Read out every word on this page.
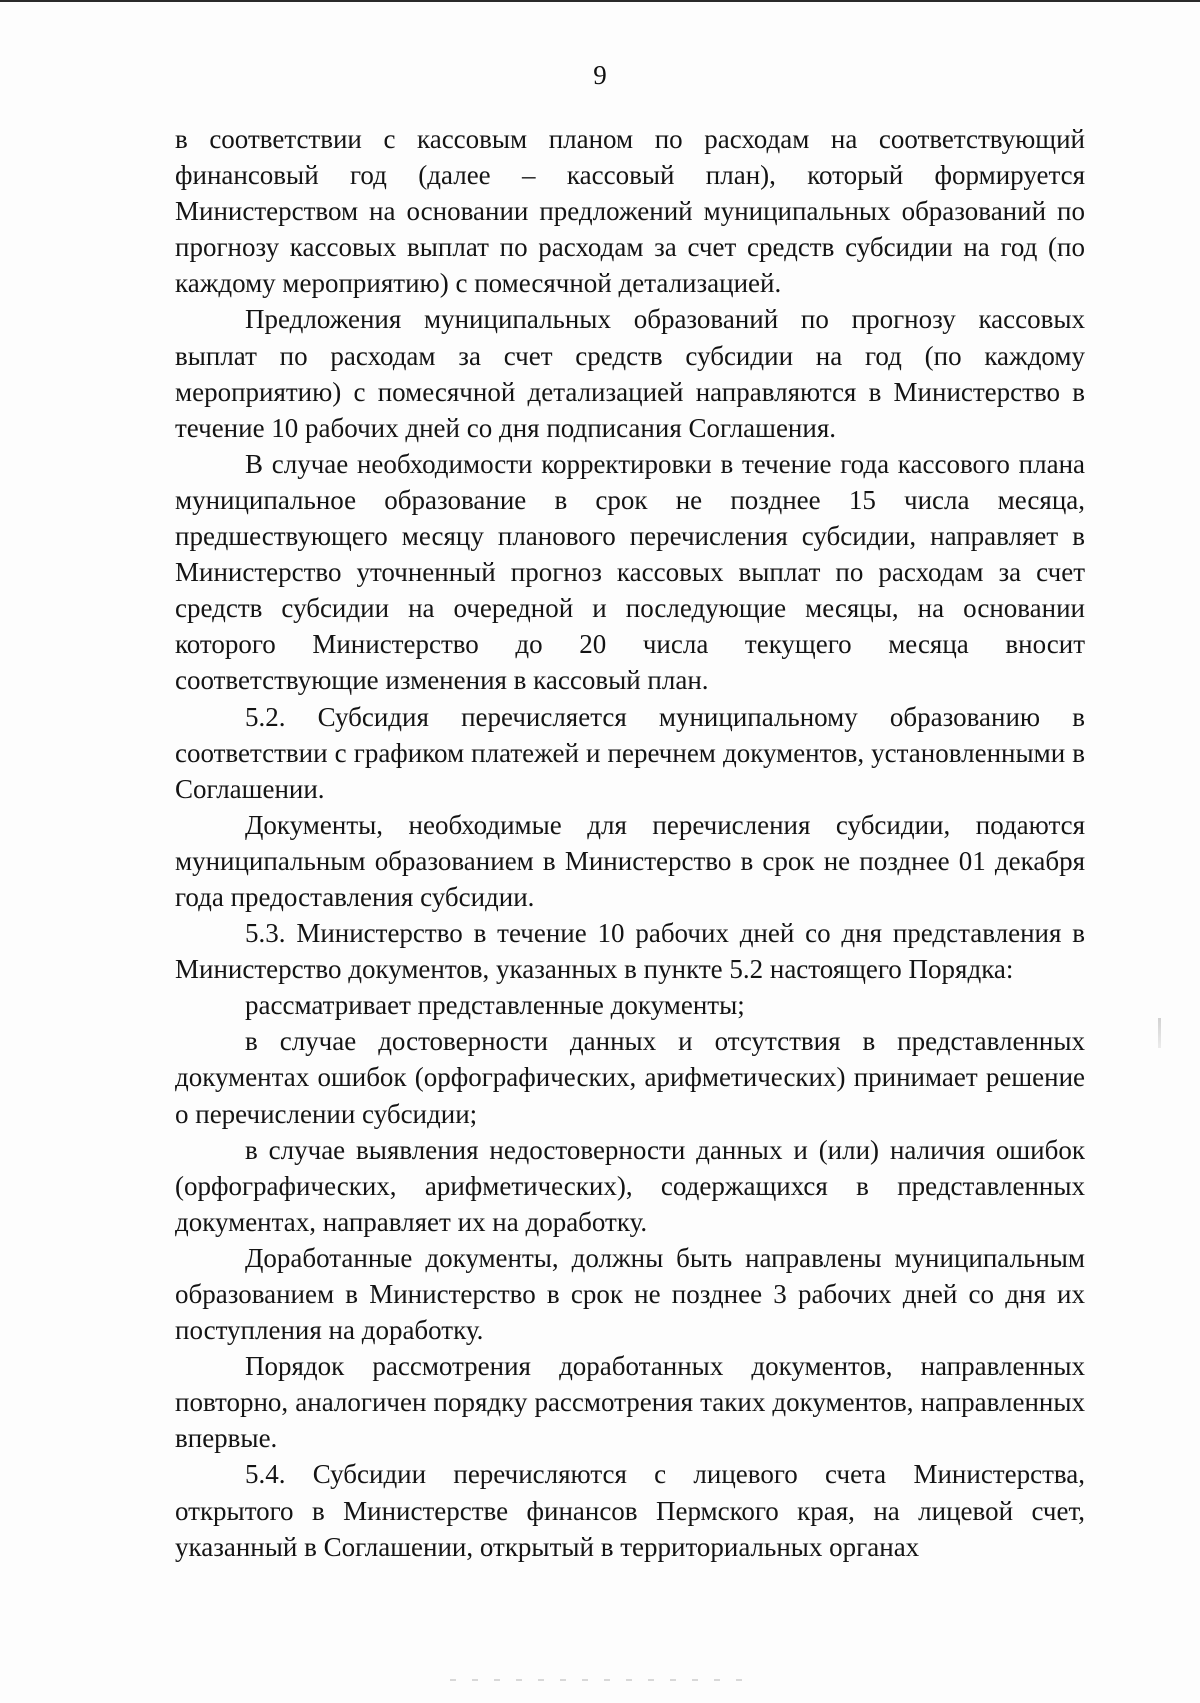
9

в соответствии с кассовым планом по расходам на соответствующий финансовый год (далее – кассовый план), который формируется Министерством на основании предложений муниципальных образований по прогнозу кассовых выплат по расходам за счет средств субсидии на год (по каждому мероприятию) с помесячной детализацией.

Предложения муниципальных образований по прогнозу кассовых выплат по расходам за счет средств субсидии на год (по каждому мероприятию) с помесячной детализацией направляются в Министерство в течение 10 рабочих дней со дня подписания Соглашения.

В случае необходимости корректировки в течение года кассового плана муниципальное образование в срок не позднее 15 числа месяца, предшествующего месяцу планового перечисления субсидии, направляет в Министерство уточненный прогноз кассовых выплат по расходам за счет средств субсидии на очередной и последующие месяцы, на основании которого Министерство до 20 числа текущего месяца вносит соответствующие изменения в кассовый план.

5.2. Субсидия перечисляется муниципальному образованию в соответствии с графиком платежей и перечнем документов, установленными в Соглашении.

Документы, необходимые для перечисления субсидии, подаются муниципальным образованием в Министерство в срок не позднее 01 декабря года предоставления субсидии.

5.3. Министерство в течение 10 рабочих дней со дня представления в Министерство документов, указанных в пункте 5.2 настоящего Порядка:

рассматривает представленные документы;

в случае достоверности данных и отсутствия в представленных документах ошибок (орфографических, арифметических) принимает решение о перечислении субсидии;

в случае выявления недостоверности данных и (или) наличия ошибок (орфографических, арифметических), содержащихся в представленных документах, направляет их на доработку.

Доработанные документы, должны быть направлены муниципальным образованием в Министерство в срок не позднее 3 рабочих дней со дня их поступления на доработку.

Порядок рассмотрения доработанных документов, направленных повторно, аналогичен порядку рассмотрения таких документов, направленных впервые.

5.4. Субсидии перечисляются с лицевого счета Министерства, открытого в Министерстве финансов Пермского края, на лицевой счет, указанный в Соглашении, открытый в территориальных органах
